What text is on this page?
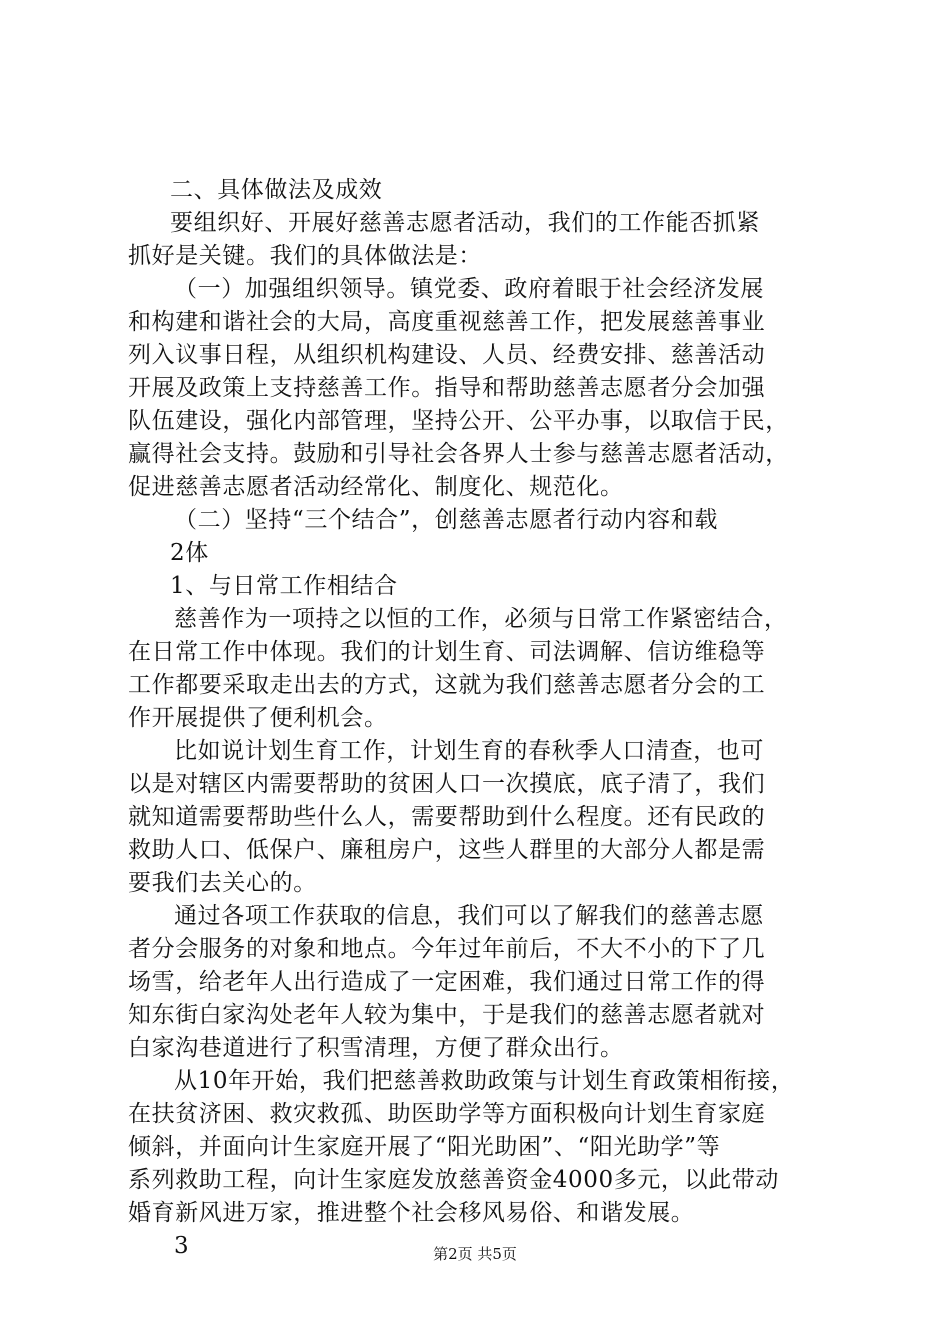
二、具体做法及成效
要组织好、开展好慈善志愿者活动，我们的工作能否抓紧
抓好是关键。我们的具体做法是：
（一）加强组织领导。镇党委、政府着眼于社会经济发展
和构建和谐社会的大局，高度重视慈善工作，把发展慈善事业
列入议事日程，从组织机构建设、人员、经费安排、慈善活动
开展及政策上支持慈善工作。指导和帮助慈善志愿者分会加强
队伍建设，强化内部管理，坚持公开、公平办事，以取信于民，
赢得社会支持。鼓励和引导社会各界人士参与慈善志愿者活动，
促进慈善志愿者活动经常化、制度化、规范化。
（二）坚持“三个结合”，创慈善志愿者行动内容和载
2体
1、与日常工作相结合
慈善作为一项持之以恒的工作，必须与日常工作紧密结合，
在日常工作中体现。我们的计划生育、司法调解、信访维稳等
工作都要采取走出去的方式，这就为我们慈善志愿者分会的工
作开展提供了便利机会。
比如说计划生育工作，计划生育的春秋季人口清查，也可
以是对辖区内需要帮助的贫困人口一次摸底，底子清了，我们
就知道需要帮助些什么人，需要帮助到什么程度。还有民政的
救助人口、低保户、廉租房户，这些人群里的大部分人都是需
要我们去关心的。
通过各项工作获取的信息，我们可以了解我们的慈善志愿
者分会服务的对象和地点。今年过年前后，不大不小的下了几
场雪，给老年人出行造成了一定困难，我们通过日常工作的得
知东街白家沟处老年人较为集中，于是我们的慈善志愿者就对
白家沟巷道进行了积雪清理，方便了群众出行。
从10年开始，我们把慈善救助政策与计划生育政策相衔接，
在扶贫济困、救灾救孤、助医助学等方面积极向计划生育家庭
倾斜，并面向计生家庭开展了“阳光助困”、“阳光助学”等
系列救助工程，向计生家庭发放慈善资金4000多元，以此带动
婚育新风进万家，推进整个社会移风易俗、和谐发展。
3	第2页 共5页
